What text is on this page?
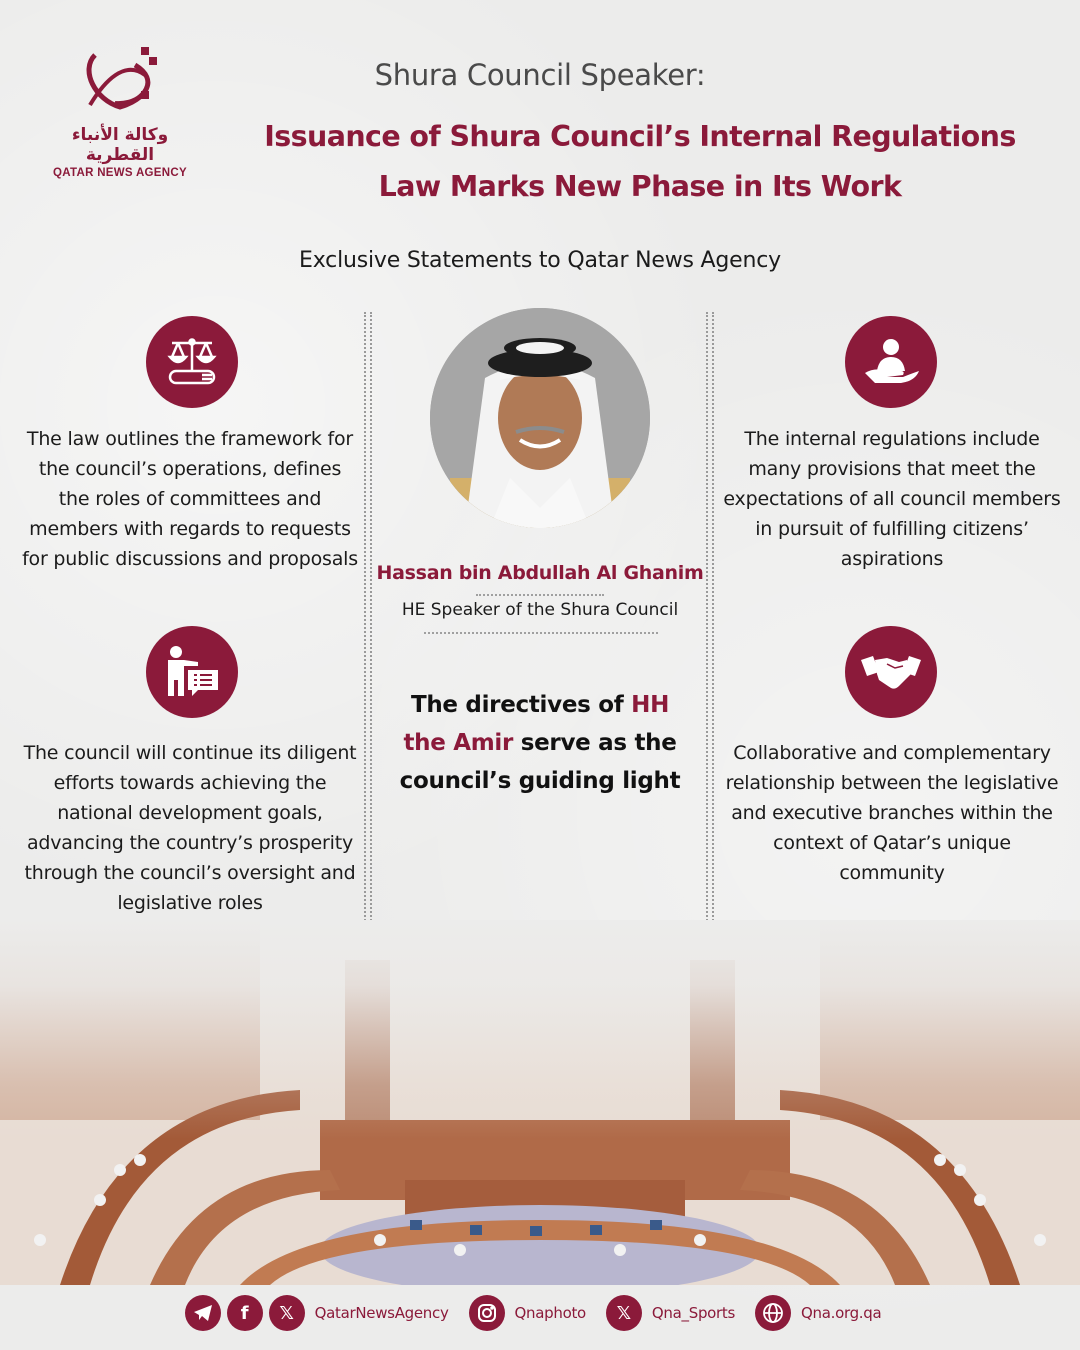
وكالة الأنباء القطرية
QATAR NEWS AGENCY
Shura Council Speaker:
Issuance of Shura Council’s Internal Regulations
Law Marks New Phase in Its Work
Exclusive Statements to Qatar News Agency
The law outlines the framework for the council’s operations, defines the roles of committees and members with regards to requests for public discussions and proposals
The internal regulations include many provisions that meet the expectations of all council members in pursuit of fulfilling citizens’ aspirations
The council will continue its diligent efforts towards achieving the national development goals, advancing the country’s prosperity through the council’s oversight and legislative roles
Collaborative and complementary relationship between the legislative and executive branches within the context of Qatar’s unique community
Hassan bin Abdullah Al Ghanim
HE Speaker of the Shura Council
The directives of HH the Amir serve as the council’s guiding light
f	𝕏	QatarNewsAgency	Qnaphoto	𝕏	Qna_Sports	Qna.org.qa
